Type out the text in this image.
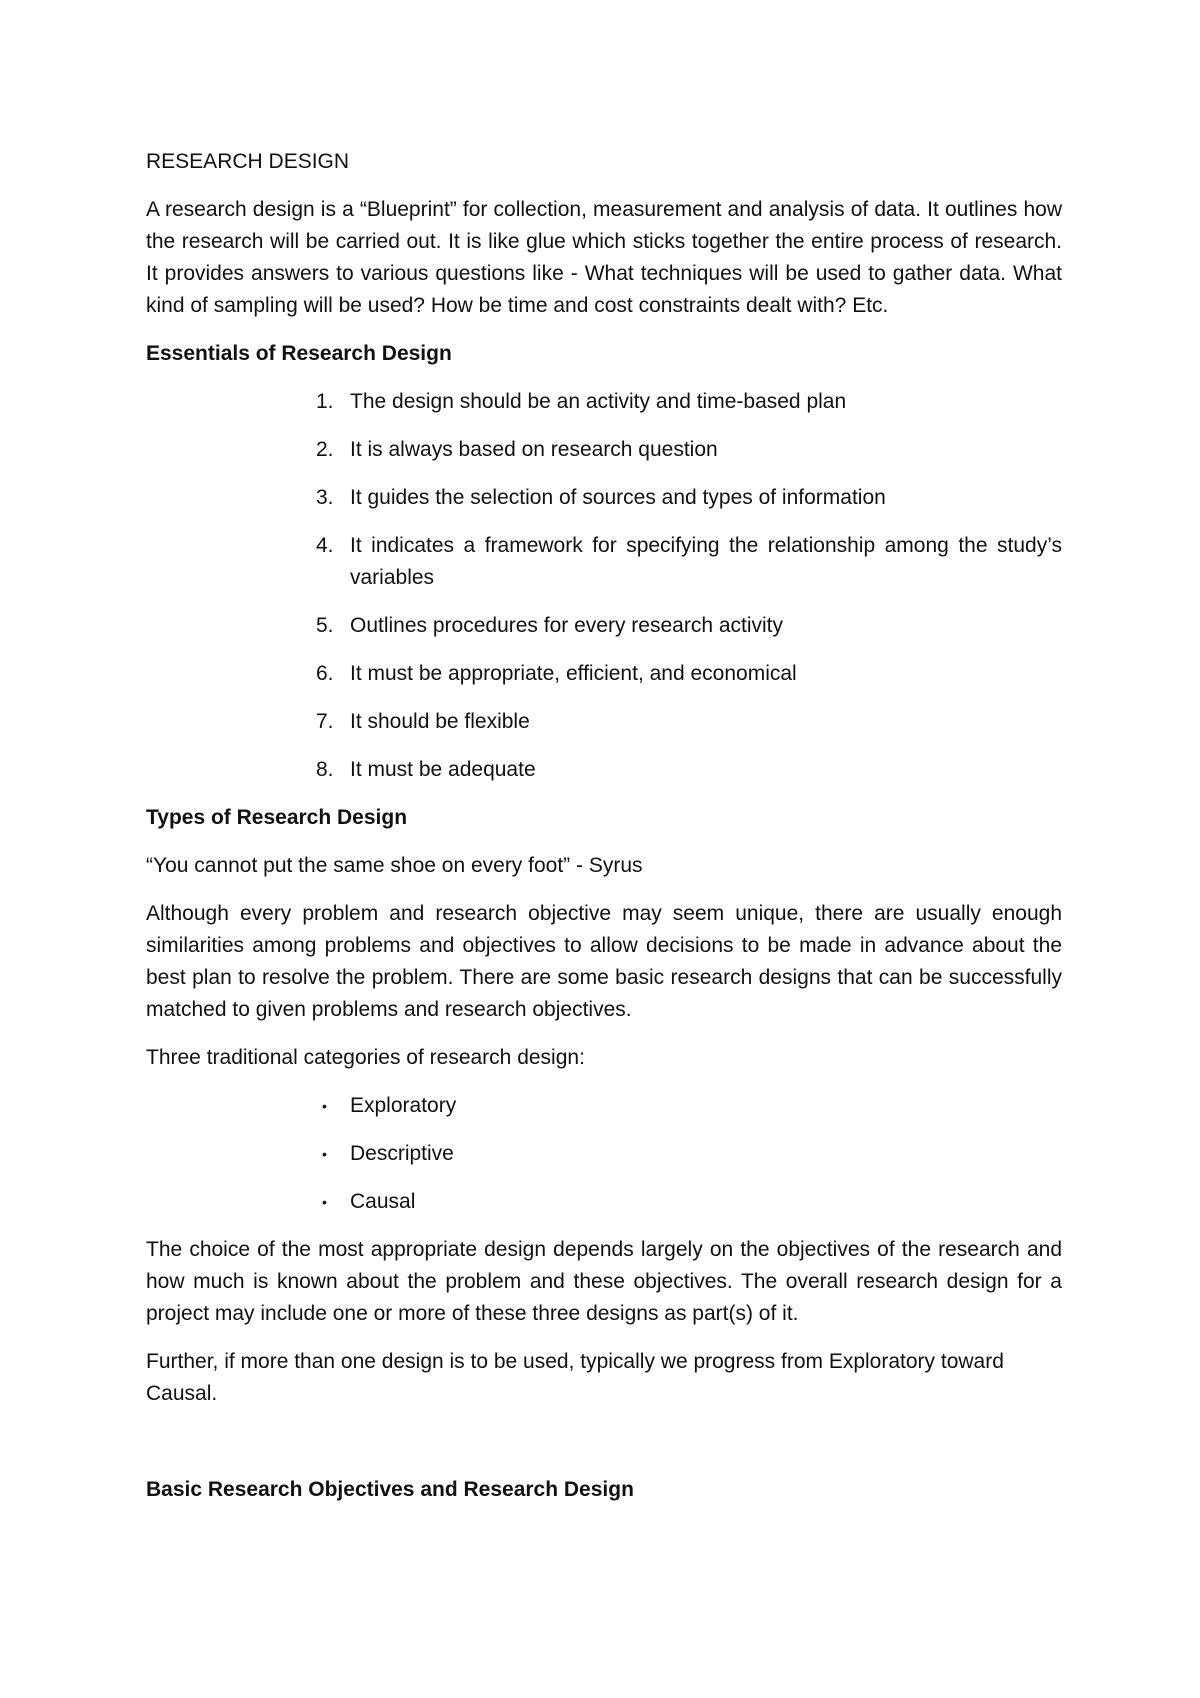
RESEARCH DESIGN

A research design is a “Blueprint” for collection, measurement and analysis of data. It outlines how the research will be carried out. It is like glue which sticks together the entire process of research. It provides answers to various questions like - What techniques will be used to gather data. What kind of sampling will be used? How be time and cost constraints dealt with? Etc.

Essentials of Research Design
1. The design should be an activity and time-based plan
2. It is always based on research question
3. It guides the selection of sources and types of information
4. It indicates a framework for specifying the relationship among the study’s variables
5. Outlines procedures for every research activity
6. It must be appropriate, efficient, and economical
7. It should be flexible
8. It must be adequate
Types of Research Design

“You cannot put the same shoe on every foot” - Syrus

Although every problem and research objective may seem unique, there are usually enough similarities among problems and objectives to allow decisions to be made in advance about the best plan to resolve the problem. There are some basic research designs that can be successfully matched to given problems and research objectives.

Three traditional categories of research design:

• Exploratory
• Descriptive
• Causal

The choice of the most appropriate design depends largely on the objectives of the research and how much is known about the problem and these objectives. The overall research design for a project may include one or more of these three designs as part(s) of it.

Further, if more than one design is to be used, typically we progress from Exploratory toward Causal.

Basic Research Objectives and Research Design
